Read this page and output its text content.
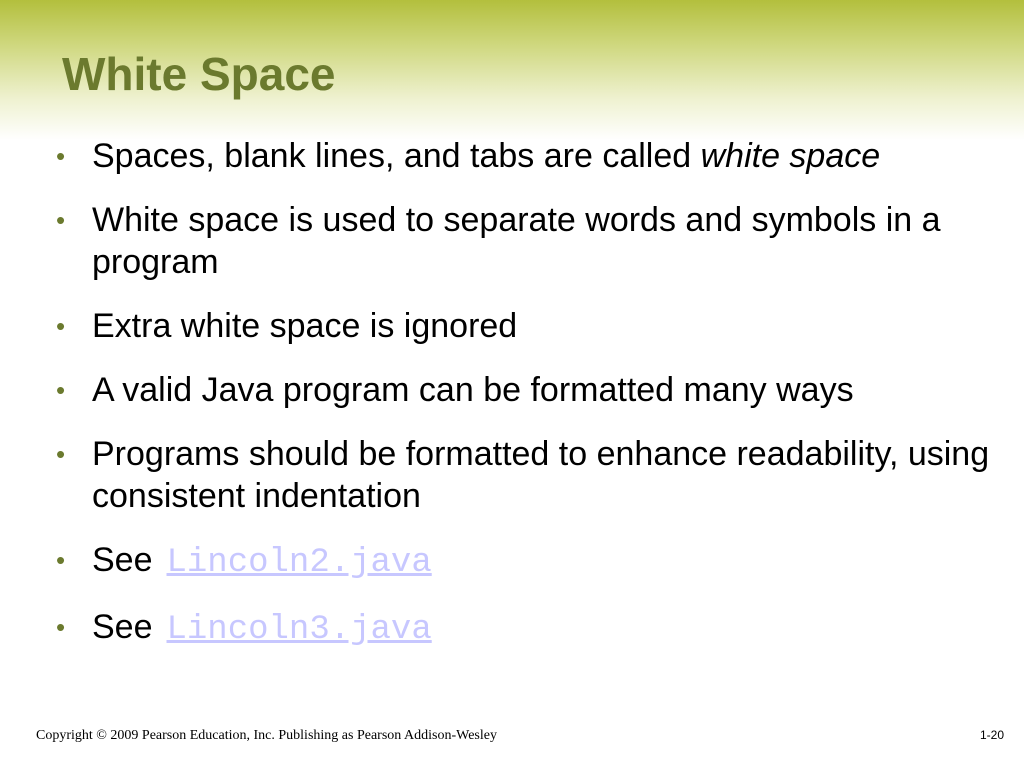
White Space
• Spaces, blank lines, and tabs are called white space
• White space is used to separate words and symbols in a program
• Extra white space is ignored
• A valid Java program can be formatted many ways
• Programs should be formatted to enhance readability, using consistent indentation
• See Lincoln2.java
• See Lincoln3.java
Copyright © 2009 Pearson Education, Inc. Publishing as Pearson Addison-Wesley	1-20
